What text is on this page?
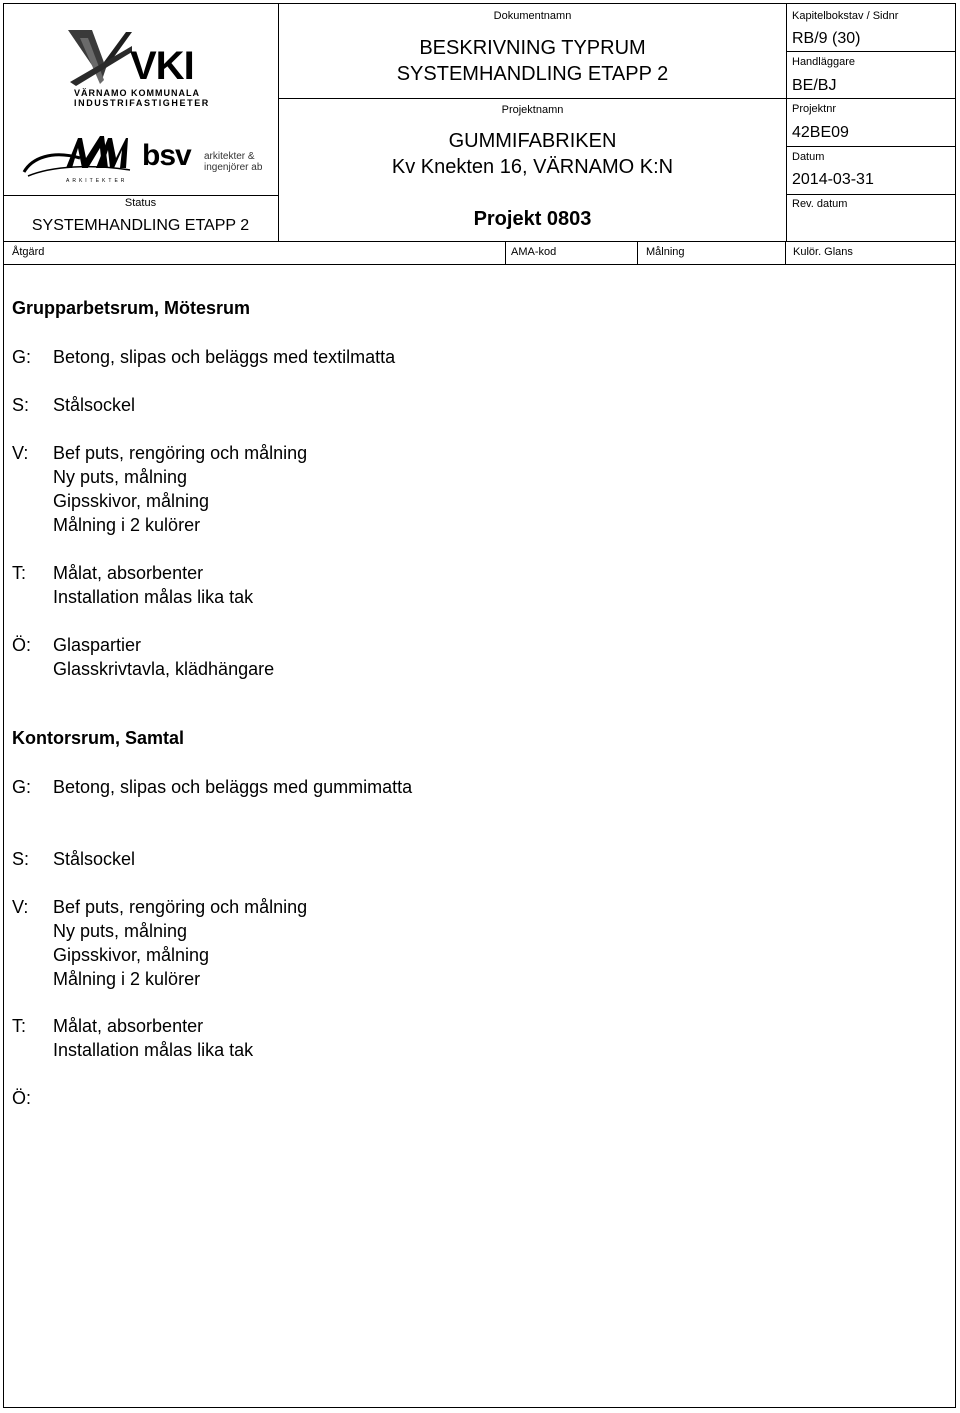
VKI
VÄRNAMO KOMMUNALA
INDUSTRIFASTIGHETER
ARKITEKTER
bsv arkitekter &
ingenjörer ab
Status
SYSTEMHANDLING ETAPP 2
Dokumentnamn
BESKRIVNING TYPRUM
SYSTEMHANDLING ETAPP 2
Projektnamn
GUMMIFABRIKEN
Kv Knekten 16, VÄRNAMO K:N
Projekt 0803
Kapitelbokstav / Sidnr
RB/9 (30)
Handläggare
BE/BJ
Projektnr
42BE09
Datum
2014-03-31
Rev. datum
Åtgärd	AMA-kod	Målning	Kulör. Glans
Grupparbetsrum, Mötesrum
G:	Betong, slipas och beläggs med textilmatta
S:	Stålsockel
V:	Bef puts, rengöring och målning
Ny puts, målning
Gipsskivor, målning
Målning i 2 kulörer
T:	Målat, absorbenter
Installation målas lika tak
Ö:	Glaspartier
Glasskrivtavla, klädhängare
Kontorsrum, Samtal
G:	Betong, slipas och beläggs med gummimatta
S:	Stålsockel
V:	Bef puts, rengöring och målning
Ny puts, målning
Gipsskivor, målning
Målning i 2 kulörer
T:	Målat, absorbenter
Installation målas lika tak
Ö:
